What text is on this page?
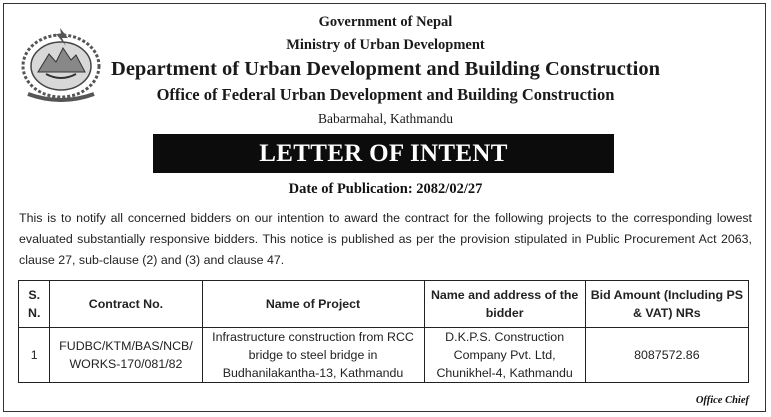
Government of Nepal
Ministry of Urban Development
Department of Urban Development and Building Construction
Office of Federal Urban Development and Building Construction
Babarmahal, Kathmandu
LETTER OF INTENT
Date of Publication: 2082/02/27
This is to notify all concerned bidders on our intention to award the contract for the following projects to the corresponding lowest evaluated substantially responsive bidders. This notice is published as per the provision stipulated in Public Procurement Act 2063, clause 27, sub-clause (2) and (3) and clause 47.
S. N.	Contract No.	Name of Project	Name and address of the bidder	Bid Amount (Including PS & VAT) NRs
1	FUDBC/KTM/BAS/NCB/ WORKS-170/081/82	Infrastructure construction from RCC bridge to steel bridge in Budhanilakantha-13, Kathmandu	D.K.P.S. Construction Company Pvt. Ltd, Chunikhel-4, Kathmandu	8087572.86
Office Chief
